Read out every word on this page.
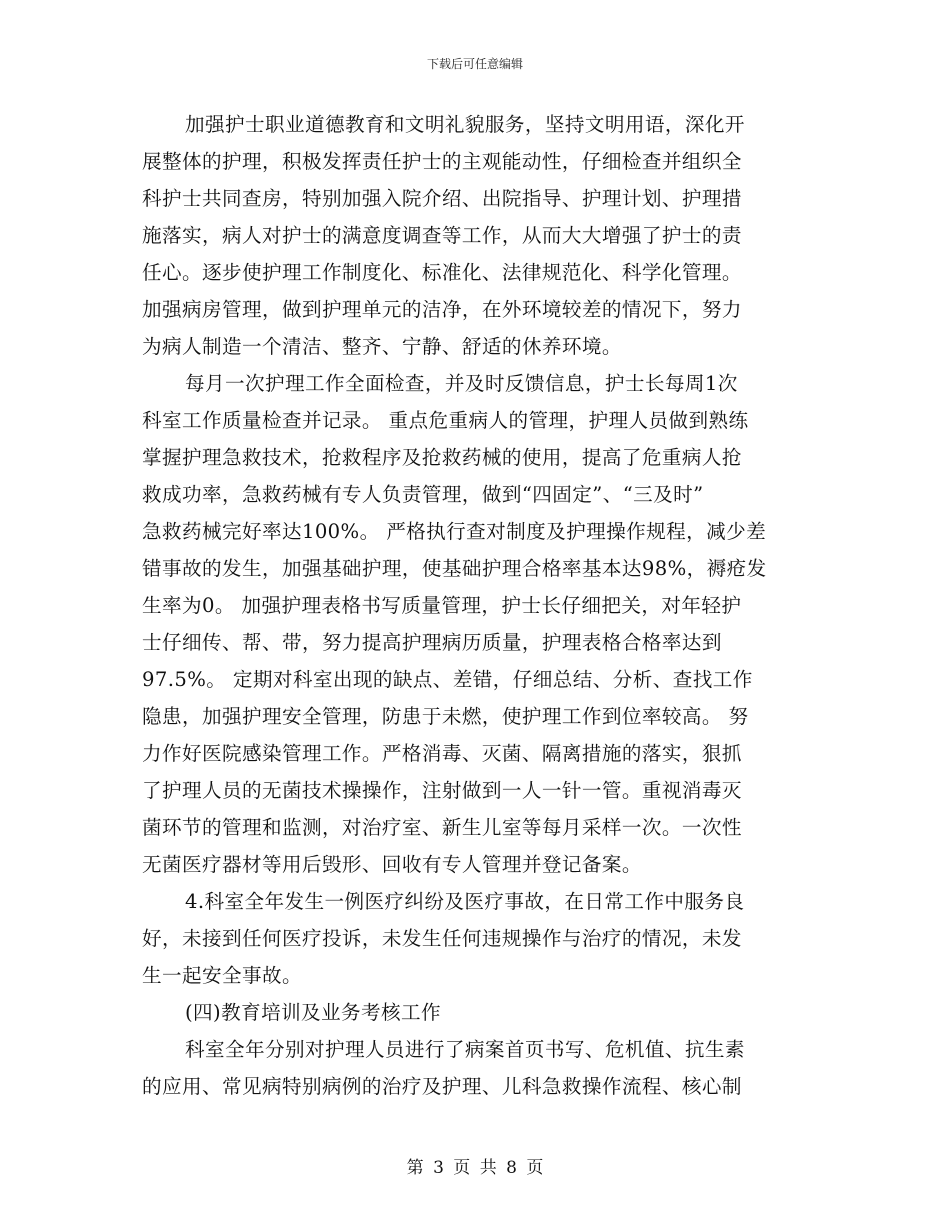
下载后可任意编辑
加强护士职业道德教育和文明礼貌服务，坚持文明用语，深化开
展整体的护理，积极发挥责任护士的主观能动性，仔细检查并组织全
科护士共同查房，特别加强入院介绍、出院指导、护理计划、护理措
施落实，病人对护士的满意度调查等工作，从而大大增强了护士的责
任心。逐步使护理工作制度化、标准化、法律规范化、科学化管理。
加强病房管理，做到护理单元的洁净，在外环境较差的情况下，努力
为病人制造一个清洁、整齐、宁静、舒适的休养环境。
每月一次护理工作全面检查，并及时反馈信息，护士长每周1次
科室工作质量检查并记录。 重点危重病人的管理，护理人员做到熟练
掌握护理急救技术，抢救程序及抢救药械的使用，提高了危重病人抢
救成功率，急救药械有专人负责管理，做到“四固定”、“三及时”
急救药械完好率达100%。 严格执行查对制度及护理操作规程，减少差
错事故的发生，加强基础护理，使基础护理合格率基本达98%，褥疮发
生率为0。 加强护理表格书写质量管理，护士长仔细把关，对年轻护
士仔细传、帮、带，努力提高护理病历质量，护理表格合格率达到
97.5%。 定期对科室出现的缺点、差错，仔细总结、分析、查找工作
隐患，加强护理安全管理，防患于未燃，使护理工作到位率较高。 努
力作好医院感染管理工作。严格消毒、灭菌、隔离措施的落实，狠抓
了护理人员的无菌技术操操作，注射做到一人一针一管。重视消毒灭
菌环节的管理和监测，对治疗室、新生儿室等每月采样一次。一次性
无菌医疗器材等用后毁形、回收有专人管理并登记备案。
4.科室全年发生一例医疗纠纷及医疗事故，在日常工作中服务良
好，未接到任何医疗投诉，未发生任何违规操作与治疗的情况，未发
生一起安全事故。
(四)教育培训及业务考核工作
科室全年分别对护理人员进行了病案首页书写、危机值、抗生素
的应用、常见病特别病例的治疗及护理、儿科急救操作流程、核心制
第 3 页 共 8 页
